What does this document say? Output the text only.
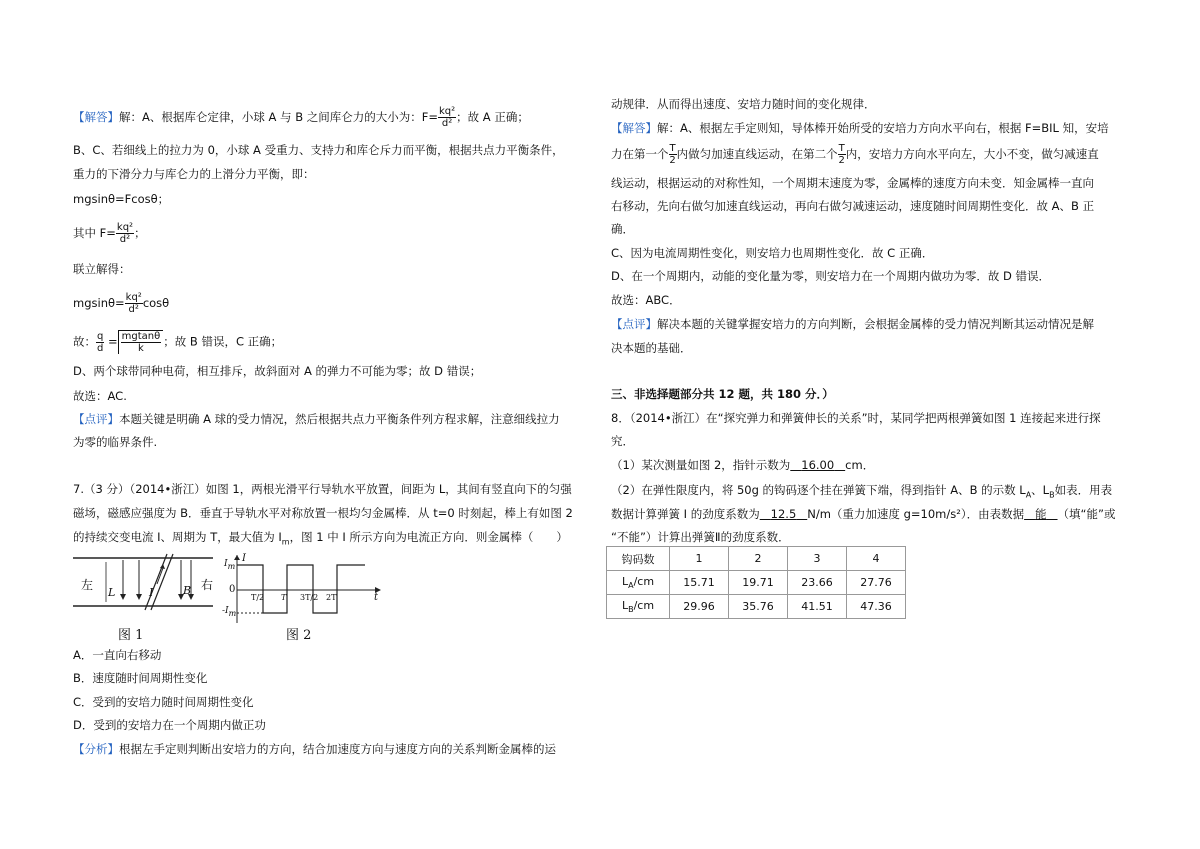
【解答】解：A、根据库仑定律，小球 A 与 B 之间库仑力的大小为：$F= \frac{\text{kq²}}{\text{d²}}$ ；故 A 正确；
B、C、若细线上的拉力为 0，小球 A 受重力、支持力和库仑斥力而平衡，根据共点力平衡条件，
重力的下滑分力与库仑力的上滑分力平衡，即：
mgsinθ=Fcosθ；
其中 $F= \frac{\text{kq²}}{\text{d²}}$ ；
联立解得：
$mgsin\theta= \frac{\text{kq²}}{\text{d²}}$ cosθ
故： $\frac{q}{d} = \frac{mgtan\theta}{k}$ ；故 B 错误，C 正确；
D、两个球带同种电荷，相互排斥，故斜面对 A 的弹力不可能为零；故 D 错误；
故选：AC.
【点评】本题关键是明确 A 球的受力情况，然后根据共点力平衡条件列方程求解，注意细线拉力
为零的临界条件.
7.（3 分）（2014•浙江）如图 1，两根光滑平行导轨水平放置，间距为 L，其间有竖直向下的匀强
磁场，磁感应强度为 B．垂直于导轨水平对称放置一根均匀金属棒．从 t=0 时刻起，棒上有如图 2
的持续交变电流 I、周期为 T，最大值为 $I_m$，图 1 中 I 所示方向为电流正方向．则金属棒（　　）
左	右
L	B
I
图 1
I
$I_m$
0
$-I_m$
t
T/2 T 3T/2 2T
图 2
A．一直向右移动
B．速度随时间周期性变化
C．受到的安培力随时间周期性变化
D．受到的安培力在一个周期内做正功
【分析】根据左手定则判断出安培力的方向，结合加速度方向与速度方向的关系判断金属棒的运
动规律．从而得出速度、安培力随时间的变化规律．
【解答】解：A、根据左手定则知，导体棒开始所受的安培力方向水平向右，根据 F=BIL 知，安培
力在第一个 $\frac{T}{2}$ 内做匀加速直线运动，在第二个 $\frac{T}{2}$ 内，安培力方向水平向左，大小不变，做匀减速直
线运动，根据运动的对称性知，一个周期末速度为零，金属棒的速度方向未变．知金属棒一直向
右移动，先向右做匀加速直线运动，再向右做匀减速运动，速度随时间周期性变化．故 A、B 正
确．
C、因为电流周期性变化，则安培力也周期性变化．故 C 正确．
D、在一个周期内，动能的变化量为零，则安培力在一个周期内做功为零．故 D 错误．
故选：ABC．
【点评】解决本题的关键掌握安培力的方向判断，会根据金属棒的受力情况判断其运动情况是解
决本题的基础．
三、非选择题部分共 12 题，共 180 分．）
8．（2014•浙江）在“探究弹力和弹簧伸长的关系”时，某同学把两根弹簧如图 1 连接起来进行探
究．
（1）某次测量如图 2，指针示数为 16.00 cm．
（2）在弹性限度内，将 50g 的钩码逐个挂在弹簧下端，得到指针 A、B 的示数 $L_A$、$L_B$如表．用表
数据计算弹簧 I 的劲度系数为 12.5 N/m（重力加速度 g=10m/s²）．由表数据 能 （填“能”或
“不能”）计算出弹簧Ⅱ的劲度系数．
钩码数	1	2	3	4
$L_A/cm$	15.71	19.71	23.66	27.76
$L_B/cm$	29.96	35.76	41.51	47.36
